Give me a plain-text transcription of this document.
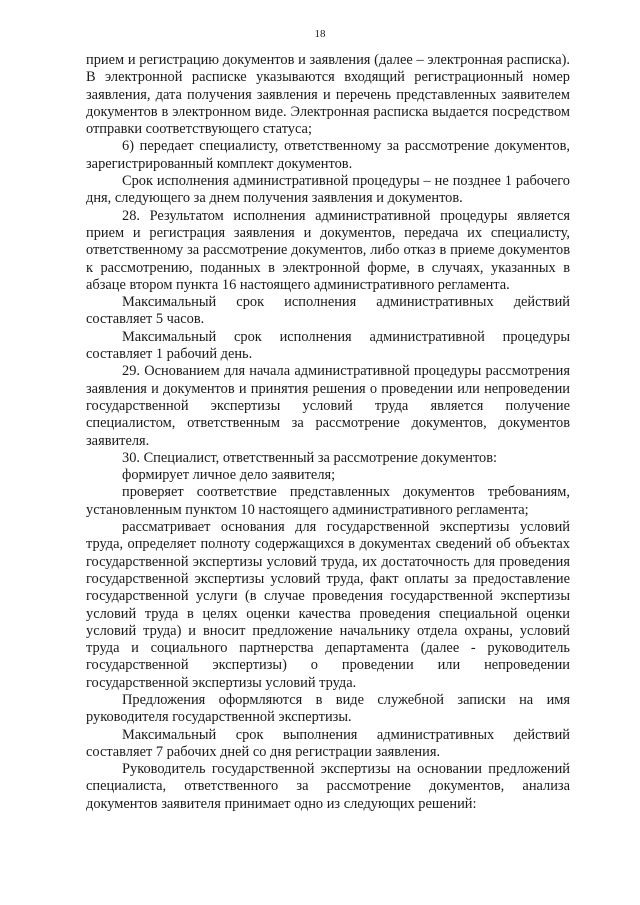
18

прием и регистрацию документов и заявления (далее – электронная расписка). В электронной расписке указываются входящий регистрационный номер заявления, дата получения заявления и перечень представленных заявителем документов в электронном виде. Электронная расписка выдается посредством отправки соответствующего статуса;

6) передает специалисту, ответственному за рассмотрение документов, зарегистрированный комплект документов.

Срок исполнения административной процедуры – не позднее 1 рабочего дня, следующего за днем получения заявления и документов.

28. Результатом исполнения административной процедуры является прием и регистрация заявления и документов, передача их специалисту, ответственному за рассмотрение документов, либо отказ в приеме документов к рассмотрению, поданных в электронной форме, в случаях, указанных в абзаце втором пункта 16 настоящего административного регламента.

Максимальный срок исполнения административных действий составляет 5 часов.

Максимальный срок исполнения административной процедуры составляет 1 рабочий день.

29. Основанием для начала административной процедуры рассмотрения заявления и документов и принятия решения о проведении или непроведении государственной экспертизы условий труда является получение специалистом, ответственным за рассмотрение документов, документов заявителя.

30. Специалист, ответственный за рассмотрение документов:

формирует личное дело заявителя;

проверяет соответствие представленных документов требованиям, установленным пунктом 10 настоящего административного регламента;

рассматривает основания для государственной экспертизы условий труда, определяет полноту содержащихся в документах сведений об объектах государственной экспертизы условий труда, их достаточность для проведения государственной экспертизы условий труда, факт оплаты за предоставление государственной услуги (в случае проведения государственной экспертизы условий труда в целях оценки качества проведения специальной оценки условий труда) и вносит предложение начальнику отдела охраны, условий труда и социального партнерства департамента (далее - руководитель государственной экспертизы) о проведении или непроведении государственной экспертизы условий труда.

Предложения оформляются в виде служебной записки на имя руководителя государственной экспертизы.

Максимальный срок выполнения административных действий составляет 7 рабочих дней со дня регистрации заявления.

Руководитель государственной экспертизы на основании предложений специалиста, ответственного за рассмотрение документов, анализа документов заявителя принимает одно из следующих решений:
